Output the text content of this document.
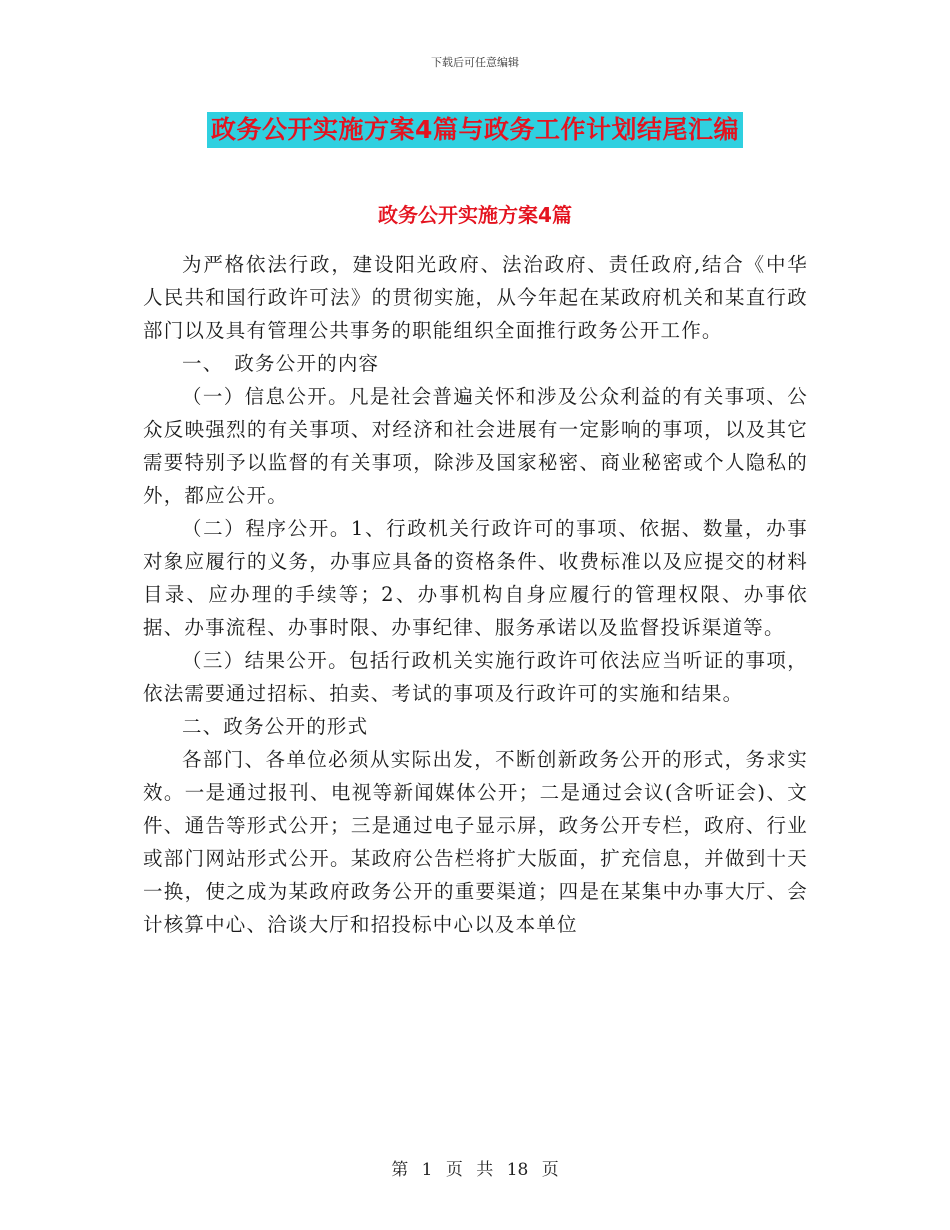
下载后可任意编辑
政务公开实施方案4篇与政务工作计划结尾汇编
政务公开实施方案4篇

为严格依法行政，建设阳光政府、法治政府、责任政府,结合《中华人民共和国行政许可法》的贯彻实施，从今年起在某政府机关和某直行政部门以及具有管理公共事务的职能组织全面推行政务公开工作。

一、　政务公开的内容

（一）信息公开。凡是社会普遍关怀和涉及公众利益的有关事项、公众反映强烈的有关事项、对经济和社会进展有一定影响的事项，以及其它需要特别予以监督的有关事项，除涉及国家秘密、商业秘密或个人隐私的外，都应公开。

（二）程序公开。1、行政机关行政许可的事项、依据、数量，办事对象应履行的义务，办事应具备的资格条件、收费标准以及应提交的材料目录、应办理的手续等；2、办事机构自身应履行的管理权限、办事依据、办事流程、办事时限、办事纪律、服务承诺以及监督投诉渠道等。

（三）结果公开。包括行政机关实施行政许可依法应当听证的事项，依法需要通过招标、拍卖、考试的事项及行政许可的实施和结果。

二、政务公开的形式

各部门、各单位必须从实际出发，不断创新政务公开的形式，务求实效。一是通过报刊、电视等新闻媒体公开；二是通过会议(含听证会)、文件、通告等形式公开；三是通过电子显示屏，政务公开专栏，政府、行业或部门网站形式公开。某政府公告栏将扩大版面，扩充信息，并做到十天一换，使之成为某政府政务公开的重要渠道；四是在某集中办事大厅、会计核算中心、洽谈大厅和招投标中心以及本单位

第 1 页 共 18 页
